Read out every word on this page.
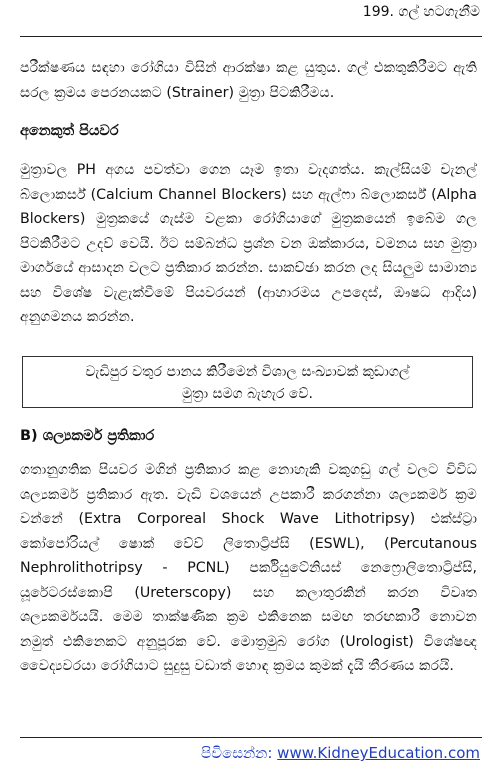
199. ගල් හටගැනීම

පරීක්ෂණය සඳහා රෝගියා විසින් ආරක්ෂා කළ යුතුය. ගල් එකතුකිරීමට ඇති සරල ක්‍රමය පෙරනයකට (Strainer) මුත්‍රා පිටකිරීමය.

අනෙකුත් පියවර

මුත්‍රාවල PH අගය පවත්වා ගෙන යෑම ඉතා වැදගත්ය. කැල්සියම් චැනල් බ්ලොකර්ස් (Calcium Channel Blockers) සහ ඇල්ෆා බ්ලොකර්ස් (Alpha Blockers) මුත්‍රකයේ ගැස්ම වළකා රෝගියාගේ මුත්‍රකයෙන් ඉබේම ගල පිටකිරීමට උදව් වෙයි. ඊට සම්බන්ධ ප්‍රශ්න වන ඔක්කාරය, වමනය සහ මුත්‍රා මාර්ගයේ ආසාදන වලට ප්‍රතිකාර කරන්න. සාකච්ඡා කරන ලද සියලුම සාමාන්‍ය සහ විශේෂ වැළැක්වීමේ පියවරයන් (ආහාරමය උපදෙස්, ඖෂධ ආදිය) අනුගමනය කරන්න.

වැඩිපුර වතුර පානය කිරීමෙන් විශාල සංඛ්‍යාවක් කුඩාගල් මුත්‍රා සමග බැහැර වේ.
B) ශල්‍යකර්ම ප්‍රතිකාර

ගතානුගතික පියවර මගින් ප්‍රතිකාර කළ නොහැකි වකුගඩු ගල් වලට විවිධ ශල්‍යකර්ම ප්‍රතිකාර ඇත. වැඩි වශයෙන් උපකාරී කරගන්නා ශල්‍යකර්ම ක්‍රම වන්නේ (Extra Corporeal Shock Wave Lithotripsy) එක්ස්ට්‍රා කෝපෝරියල් ෂොක් වේව් ලිතොට්‍රිප්සි (ESWL), (Percutanous Nephrolithotripsy - PCNL) පර්කියුටේනියස් නෙෆ්‍රොලිතොට්‍රිප්සි, යූරේටරස්කොපි (Ureterscopy) සහ කලාතුරකින් කරන විවෘත ශල්‍යකර්මයයි. මෙම තාක්ෂණික ක්‍රම එකිනෙක සමඟ තරඟකාරී නොවන නමුත් එකිනෙකට අනුපූරක වේ. මොත්‍රමුබ රෝග (Urologist) විශේෂඥ වෛද්‍යවරයා රෝගියාට සුදුසු වඩාත් හොඳ ක්‍රමය කුමක් දැයි තීරණය කරයි.

පිවිසෙන්න: www.KidneyEducation.com
